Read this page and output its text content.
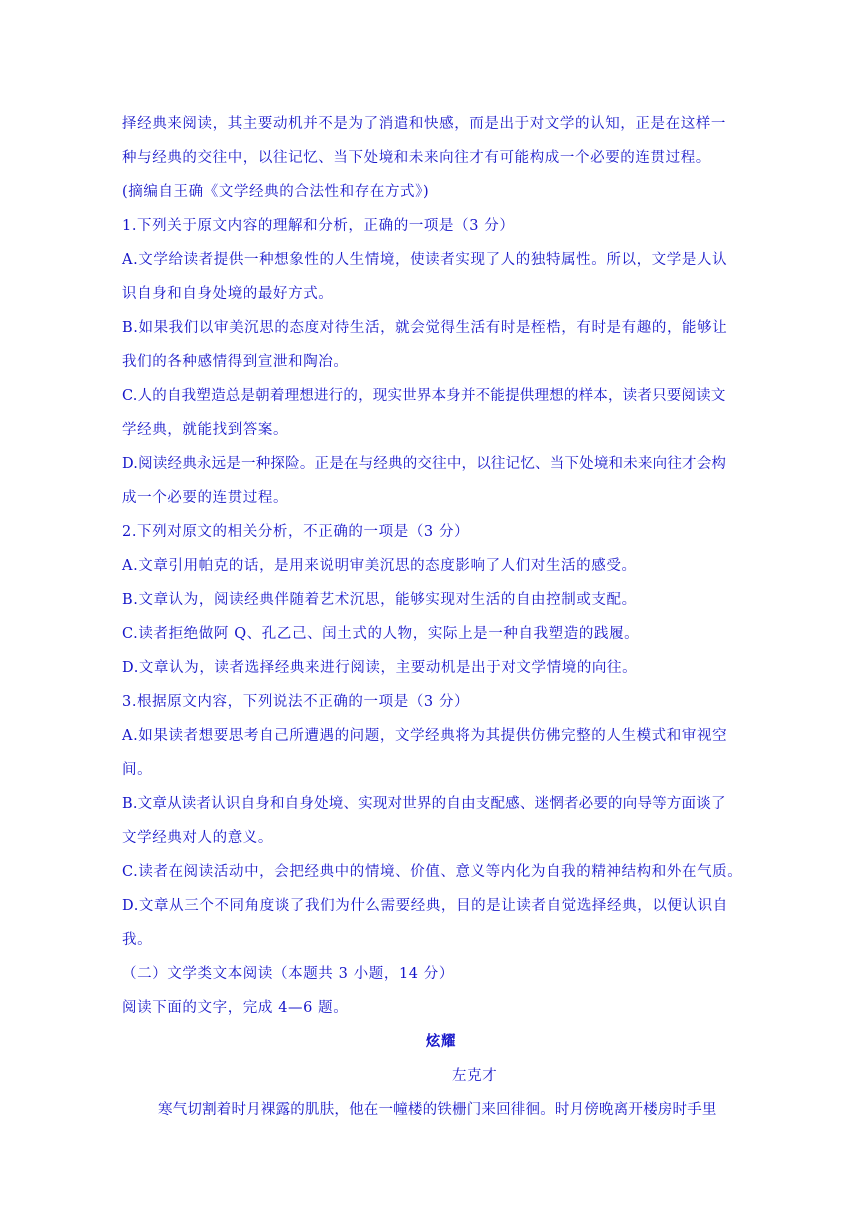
择经典来阅读，其主要动机并不是为了消遣和快感，而是出于对文学的认知，正是在这样一
种与经典的交往中，以往记忆、当下处境和未来向往才有可能构成一个必要的连贯过程。
(摘编自王确《文学经典的合法性和存在方式》)
1.下列关于原文内容的理解和分析，正确的一项是（3 分）
A.文学给读者提供一种想象性的人生情境，使读者实现了人的独特属性。所以，文学是人认
识自身和自身处境的最好方式。
B.如果我们以审美沉思的态度对待生活，就会觉得生活有时是桎梏，有时是有趣的，能够让
我们的各种感情得到宣泄和陶冶。
C.人的自我塑造总是朝着理想进行的，现实世界本身并不能提供理想的样本，读者只要阅读文
学经典，就能找到答案。
D.阅读经典永远是一种探险。正是在与经典的交往中，以往记忆、当下处境和未来向往才会构
成一个必要的连贯过程。
2.下列对原文的相关分析，不正确的一项是（3 分）
A.文章引用帕克的话，是用来说明审美沉思的态度影响了人们对生活的感受。
B.文章认为，阅读经典伴随着艺术沉思，能够实现对生活的自由控制或支配。
C.读者拒绝做阿 Q、孔乙己、闰土式的人物，实际上是一种自我塑造的践履。
D.文章认为，读者选择经典来进行阅读，主要动机是出于对文学情境的向往。
3.根据原文内容，下列说法不正确的一项是（3 分）
A.如果读者想要思考自己所遭遇的问题，文学经典将为其提供仿佛完整的人生模式和审视空
间。
B.文章从读者认识自身和自身处境、实现对世界的自由支配感、迷惘者必要的向导等方面谈了
文学经典对人的意义。
C.读者在阅读活动中，会把经典中的情境、价值、意义等内化为自我的精神结构和外在气质。
D.文章从三个不同角度谈了我们为什么需要经典，目的是让读者自觉选择经典，以便认识自
我。
（二）文学类文本阅读（本题共 3 小题，14 分）
阅读下面的文字，完成 4—6 题。
炫耀
左克才
寒气切割着时月裸露的肌肤，他在一幢楼的铁栅门来回徘徊。时月傍晚离开楼房时手里
